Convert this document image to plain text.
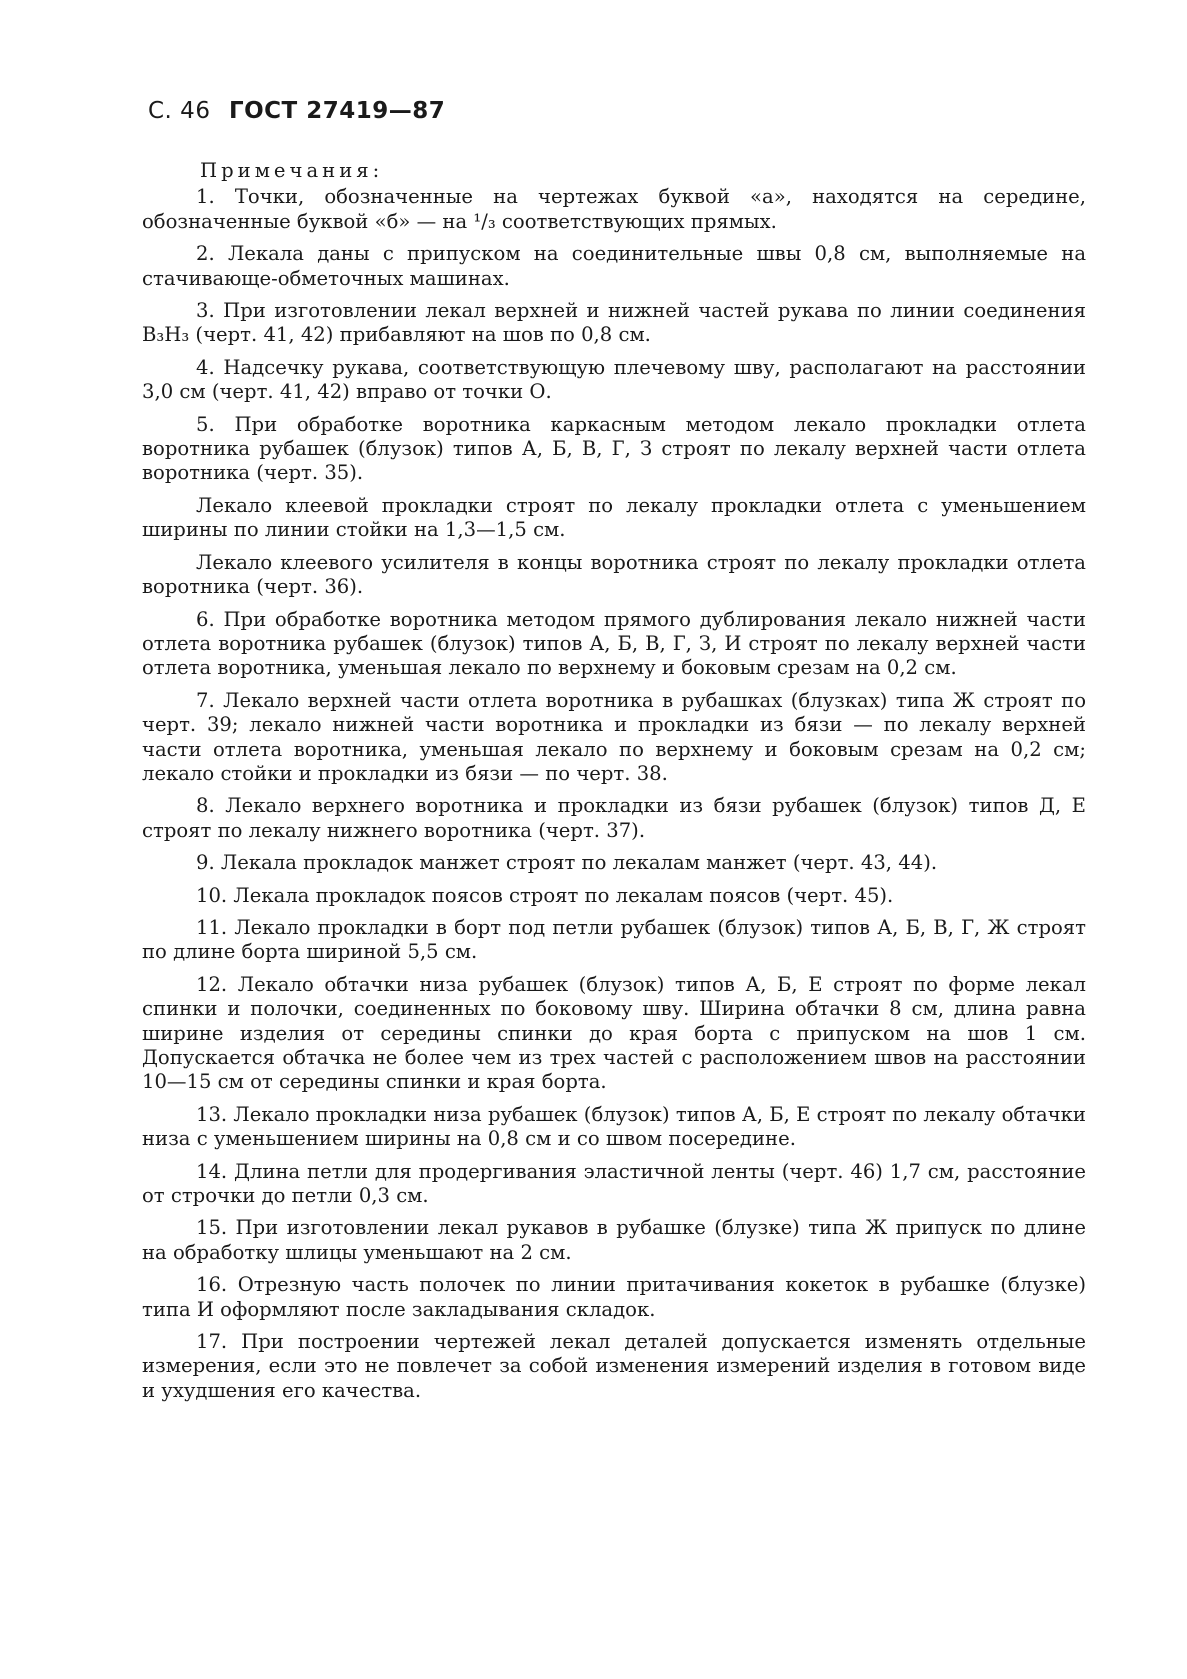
С. 46 ГОСТ 27419—87
Примечания:

1. Точки, обозначенные на чертежах буквой «а», находятся на середине, обозначенные буквой «б» — на ¹/₃ соответствующих прямых.

2. Лекала даны с припуском на соединительные швы 0,8 см, выполняемые на стачивающе-обметочных машинах.

3. При изготовлении лекал верхней и нижней частей рукава по линии соединения В₃Н₃ (черт. 41, 42) прибавляют на шов по 0,8 см.

4. Надсечку рукава, соответствующую плечевому шву, располагают на расстоянии 3,0 см (черт. 41, 42) вправо от точки О.

5. При обработке воротника каркасным методом лекало прокладки отлета воротника рубашек (блузок) типов А, Б, В, Г, З строят по лекалу верхней части отлета воротника (черт. 35).

Лекало клеевой прокладки строят по лекалу прокладки отлета с уменьшением ширины по линии стойки на 1,3—1,5 см.

Лекало клеевого усилителя в концы воротника строят по лекалу прокладки отлета воротника (черт. 36).

6. При обработке воротника методом прямого дублирования лекало нижней части отлета воротника рубашек (блузок) типов А, Б, В, Г, З, И строят по лекалу верхней части отлета воротника, уменьшая лекало по верхнему и боковым срезам на 0,2 см.

7. Лекало верхней части отлета воротника в рубашках (блузках) типа Ж строят по черт. 39; лекало нижней части воротника и прокладки из бязи — по лекалу верхней части отлета воротника, уменьшая лекало по верхнему и боковым срезам на 0,2 см; лекало стойки и прокладки из бязи — по черт. 38.

8. Лекало верхнего воротника и прокладки из бязи рубашек (блузок) типов Д, Е строят по лекалу нижнего воротника (черт. 37).

9. Лекала прокладок манжет строят по лекалам манжет (черт. 43, 44).

10. Лекала прокладок поясов строят по лекалам поясов (черт. 45).

11. Лекало прокладки в борт под петли рубашек (блузок) типов А, Б, В, Г, Ж строят по длине борта шириной 5,5 см.

12. Лекало обтачки низа рубашек (блузок) типов А, Б, Е строят по форме лекал спинки и полочки, соединенных по боковому шву. Ширина обтачки 8 см, длина равна ширине изделия от середины спинки до края борта с припуском на шов 1 см. Допускается обтачка не более чем из трех частей с расположением швов на расстоянии 10—15 см от середины спинки и края борта.

13. Лекало прокладки низа рубашек (блузок) типов А, Б, Е строят по лекалу обтачки низа с уменьшением ширины на 0,8 см и со швом посередине.

14. Длина петли для продергивания эластичной ленты (черт. 46) 1,7 см, расстояние от строчки до петли 0,3 см.

15. При изготовлении лекал рукавов в рубашке (блузке) типа Ж припуск по длине на обработку шлицы уменьшают на 2 см.

16. Отрезную часть полочек по линии притачивания кокеток в рубашке (блузке) типа И оформляют после закладывания складок.

17. При построении чертежей лекал деталей допускается изменять отдельные измерения, если это не повлечет за собой изменения измерений изделия в готовом виде и ухудшения его качества.
